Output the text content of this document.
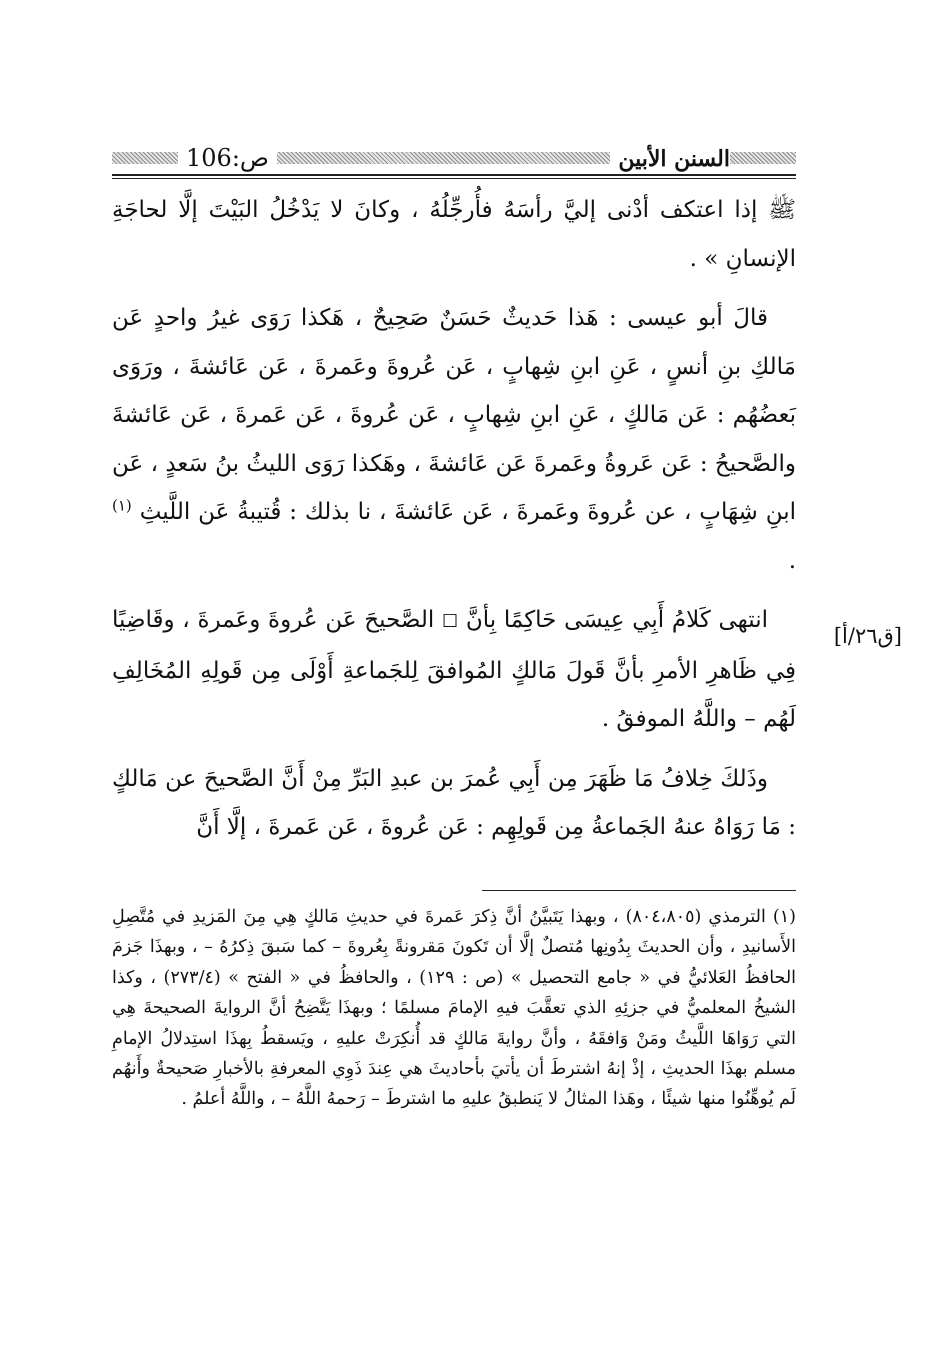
السنن الأبين
ص:106
[ق٢٦/أ]

ﷺ إذا اعتكف أدْنى إليَّ رأسَهُ فأُرجِّلُهُ ، وكانَ لا يَدْخُلُ البَيْتَ إلَّا لحاجَةِ الإنسانِ » .

قالَ أبو عيسى : هَذا حَديثٌ حَسَنٌ صَحِيحٌ ، هَكذا رَوَى غيرُ واحدٍ عَن مَالكِ بنِ أنسٍ ، عَنِ ابنِ شِهابٍ ، عَن عُروةَ وعَمرةَ ، عَن عَائشةَ ، ورَوَى بَعضُهُم : عَن مَالكٍ ، عَنِ ابنِ شِهابٍ ، عَن عُروةَ ، عَن عَمرةَ ، عَن عَائشةَ والصَّحيحُ : عَن عَروةُ وعَمرةَ عَن عَائشةَ ، وهَكذا رَوَى الليثُ بنُ سَعدٍ ، عَن ابنِ شِهَابٍ ، عن عُروةَ وعَمرةَ ، عَن عَائشةَ ، نا بذلك : قُتيبةُ عَن اللَّيثِ $^{(١)}$ .

انتهى كَلامُ أَبِي عِيسَى حَاكِمًا بِأنَّ ☐ الصَّحيحَ عَن عُروةَ وعَمرةَ ، وقَاضِيًا فِي ظَاهرِ الأمرِ بأنَّ قَولَ مَالكٍ المُوافقَ لِلجَماعةِ أَوْلَى مِن قَولِهِ المُخَالِفِ لَهُم – واللَّهُ الموفقُ .

وذَلكَ خِلافُ مَا ظَهَرَ مِن أَبِي عُمرَ بن عبدِ البَرِّ مِنْ أَنَّ الصَّحيحَ عن مَالكٍ : مَا رَوَاهُ عنهُ الجَماعةُ مِن قَولِهِم : عَن عُروةَ ، عَن عَمرةَ ، إلَّا أَنَّ

(١) الترمذي (٨٠٤،٨٠٥) ، وبهذا يَتَبيَّنُ أنَّ ذِكرَ عَمرةَ في حديثِ مَالكٍ هِي مِنَ المَزيدِ في مُتَّصِلِ الأَسانيدِ ، وأن الحديثَ بِدُونِها مُتصلٌ إلَّا أن تَكونَ مَقرونةً بِعُروةَ – كما سَبقَ ذِكرُهُ – ، وبهذَا جَزمَ الحافظُ العَلائيُّ في « جامع التحصيل » (ص : ١٢٩) ، والحافظُ في « الفتح » (٢٧٣/٤) ، وكذا الشيخُ المعلميُّ في جزئِهِ الذي تعقَّبَ فيهِ الإمامَ مسلمًا ؛ وبهذَا يَتَّضِحُ أنَّ الروايةَ الصحيحةَ هِي التي رَوَاهَا اللَّيثُ ومَنْ وَافقَهُ ، وأنَّ روايةَ مَالكٍ قد أُنكِرَتْ عليهِ ، ويَسقطُ بِهذَا استِدلالُ الإمامِ مسلم بهذَا الحديثِ ، إذْ إنهُ اشترطَ أن يأتيَ بأحاديثَ هي عِندَ ذَوِي المعرفةِ بالأخبارِ صَحيحةٌ وأَنهُم لَم يُوهِّنُوا منها شيئًا ، وهَذا المثالُ لا يَنطبقُ عليهِ ما اشترطَ – رَحمهُ اللَّهُ – ، واللَّهُ أعلمُ .
